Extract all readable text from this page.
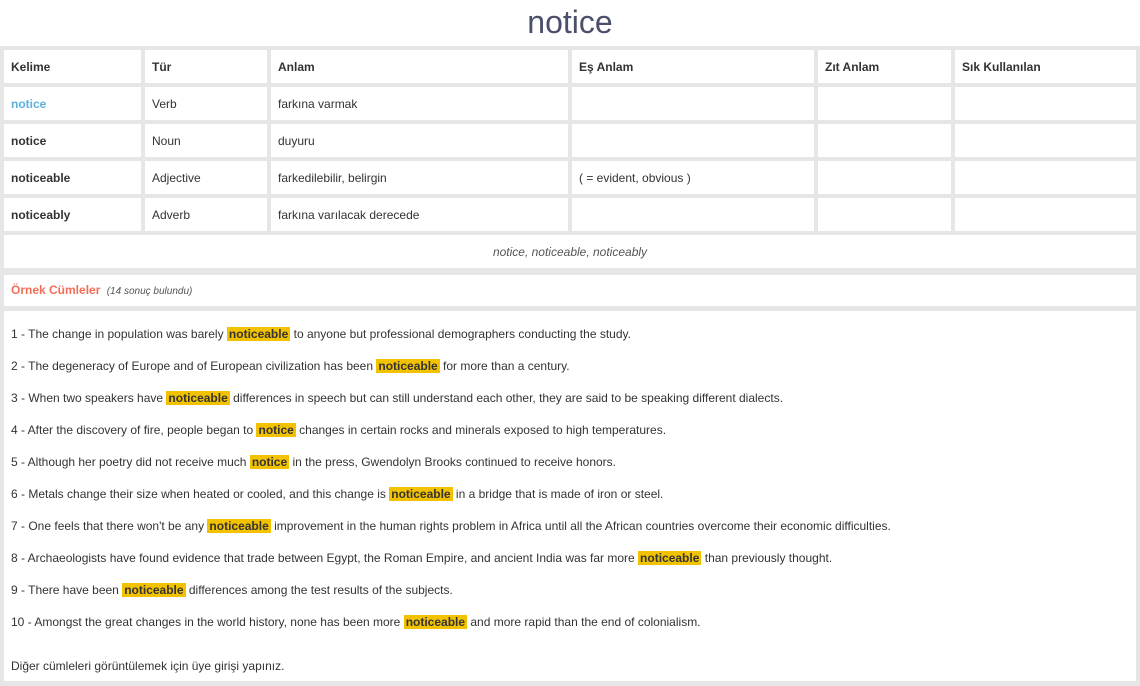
notice
Kelime	Tür	Anlam	Eş Anlam	Zıt Anlam	Sık Kullanılan
notice	Verb	farkına varmak			
notice	Noun	duyuru			
noticeable	Adjective	farkedilebilir, belirgin	( = evident, obvious )		
noticeably	Adverb	farkına varılacak derecede			
notice, noticeable, noticeably					
Örnek Cümleler (14 sonuç bulundu)
1 - The change in population was barely noticeable to anyone but professional demographers conducting the study.
2 - The degeneracy of Europe and of European civilization has been noticeable for more than a century.
3 - When two speakers have noticeable differences in speech but can still understand each other, they are said to be speaking different dialects.
4 - After the discovery of fire, people began to notice changes in certain rocks and minerals exposed to high temperatures.
5 - Although her poetry did not receive much notice in the press, Gwendolyn Brooks continued to receive honors.
6 - Metals change their size when heated or cooled, and this change is noticeable in a bridge that is made of iron or steel.
7 - One feels that there won't be any noticeable improvement in the human rights problem in Africa until all the African countries overcome their economic difficulties.
8 - Archaeologists have found evidence that trade between Egypt, the Roman Empire, and ancient India was far more noticeable than previously thought.
9 - There have been noticeable differences among the test results of the subjects.
10 - Amongst the great changes in the world history, none has been more noticeable and more rapid than the end of colonialism.
Diğer cümleleri görüntülemek için üye girişi yapınız.
